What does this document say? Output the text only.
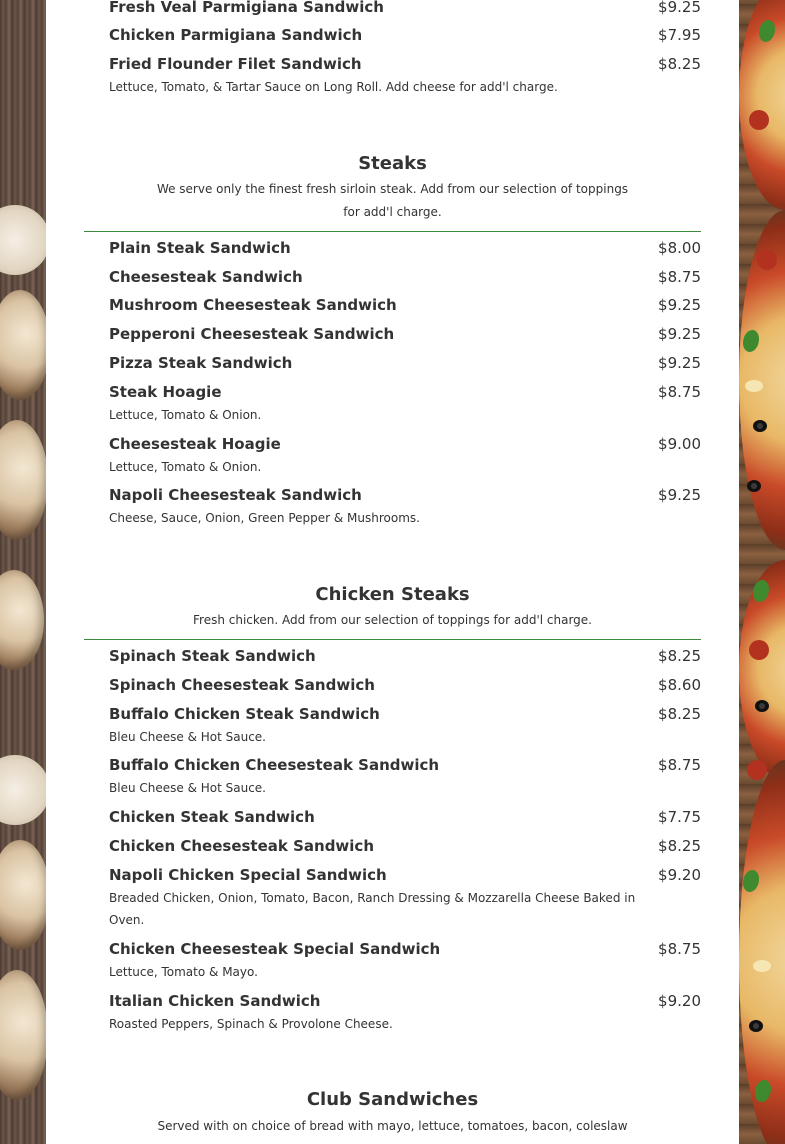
Fresh Veal Parmigiana Sandwich	$9.25
Chicken Parmigiana Sandwich	$7.95
Fried Flounder Filet Sandwich	$8.25
Lettuce, Tomato, & Tartar Sauce on Long Roll. Add cheese for add'l charge.
Steaks
We serve only the finest fresh sirloin steak. Add from our selection of toppings for add'l charge.
Plain Steak Sandwich	$8.00
Cheesesteak Sandwich	$8.75
Mushroom Cheesesteak Sandwich	$9.25
Pepperoni Cheesesteak Sandwich	$9.25
Pizza Steak Sandwich	$9.25
Steak Hoagie	$8.75
Lettuce, Tomato & Onion.
Cheesesteak Hoagie	$9.00
Lettuce, Tomato & Onion.
Napoli Cheesesteak Sandwich	$9.25
Cheese, Sauce, Onion, Green Pepper & Mushrooms.
Chicken Steaks
Fresh chicken. Add from our selection of toppings for add'l charge.
Spinach Steak Sandwich	$8.25
Spinach Cheesesteak Sandwich	$8.60
Buffalo Chicken Steak Sandwich	$8.25
Bleu Cheese & Hot Sauce.
Buffalo Chicken Cheesesteak Sandwich	$8.75
Bleu Cheese & Hot Sauce.
Chicken Steak Sandwich	$7.75
Chicken Cheesesteak Sandwich	$8.25
Napoli Chicken Special Sandwich	$9.20
Breaded Chicken, Onion, Tomato, Bacon, Ranch Dressing & Mozzarella Cheese Baked in Oven.
Chicken Cheesesteak Special Sandwich	$8.75
Lettuce, Tomato & Mayo.
Italian Chicken Sandwich	$9.20
Roasted Peppers, Spinach & Provolone Cheese.
Club Sandwiches
Served with on choice of bread with mayo, lettuce, tomatoes, bacon, coleslaw
